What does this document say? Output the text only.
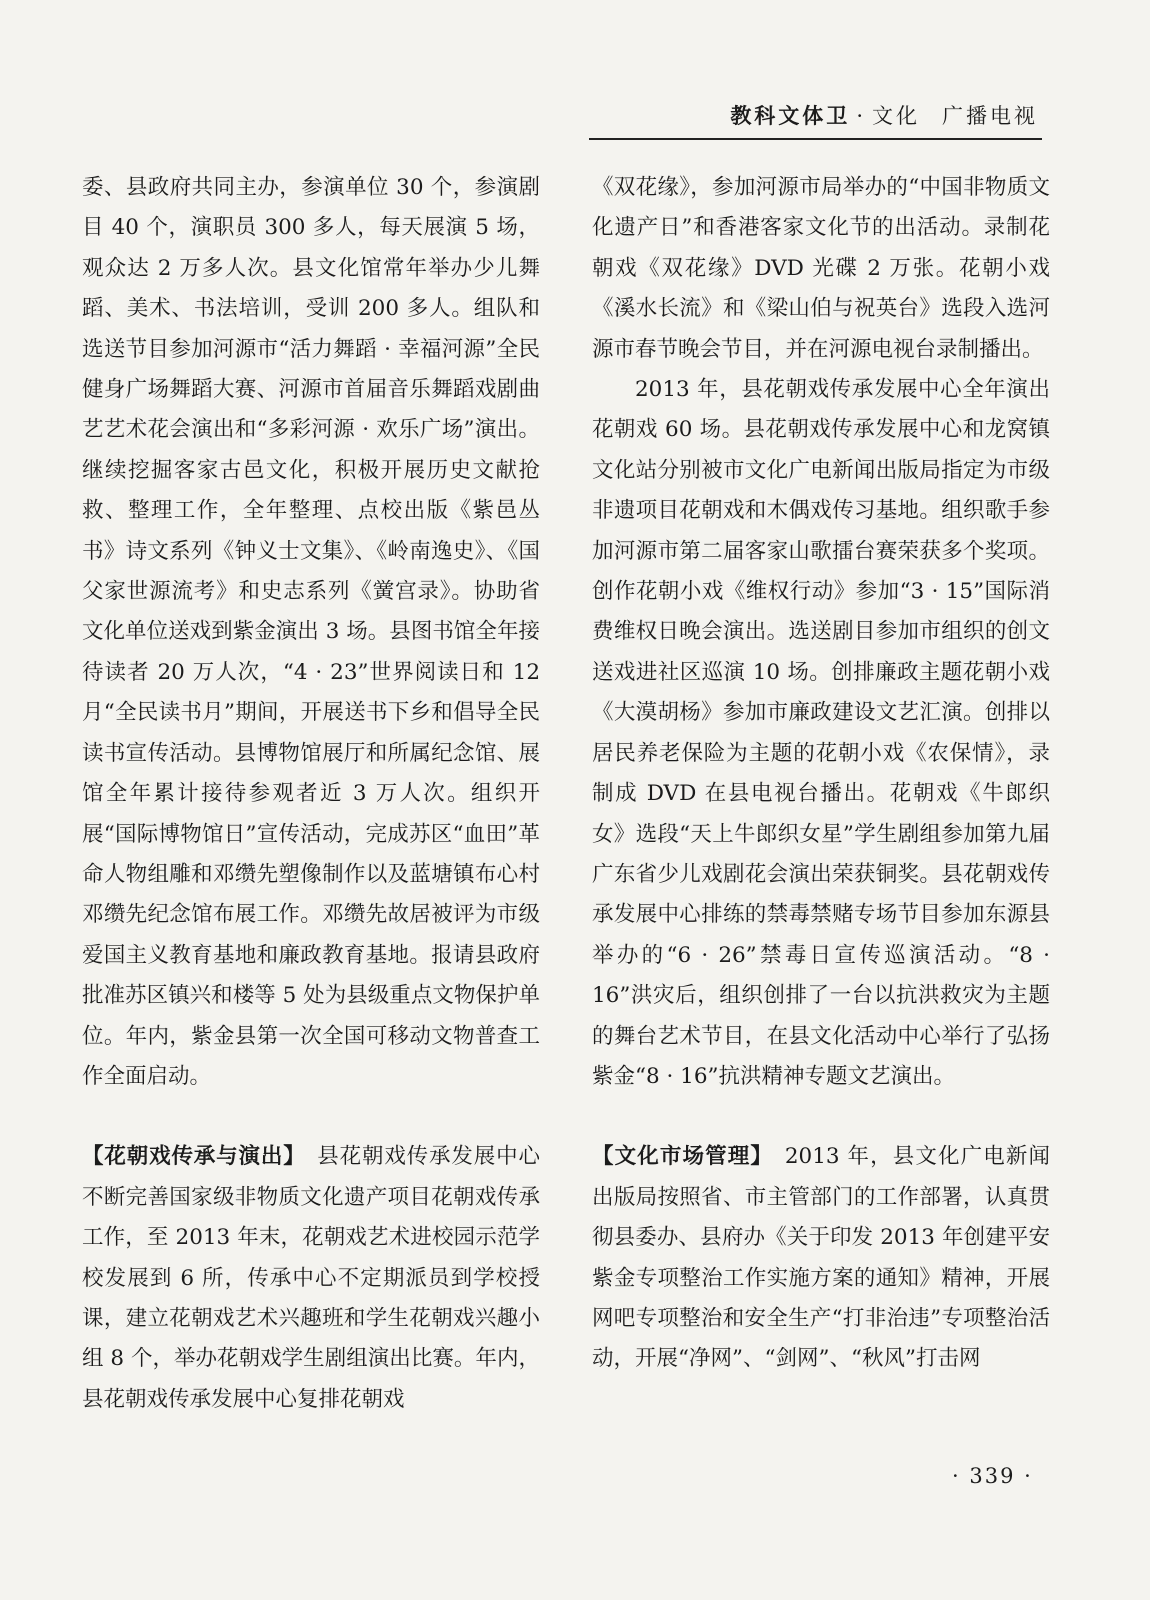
教科文体卫 · 文化 广播电视

委、县政府共同主办，参演单位 30 个，参演剧目 40 个，演职员 300 多人，每天展演 5 场，观众达 2 万多人次。县文化馆常年举办少儿舞蹈、美术、书法培训，受训 200 多人。组队和选送节目参加河源市“活力舞蹈 · 幸福河源”全民健身广场舞蹈大赛、河源市首届音乐舞蹈戏剧曲艺艺术花会演出和“多彩河源 · 欢乐广场”演出。继续挖掘客家古邑文化，积极开展历史文献抢救、整理工作，全年整理、点校出版《紫邑丛书》诗文系列《钟义士文集》、《岭南逸史》、《国父家世源流考》和史志系列《黉宫录》。协助省文化单位送戏到紫金演出 3 场。县图书馆全年接待读者 20 万人次，“4 · 23”世界阅读日和 12 月“全民读书月”期间，开展送书下乡和倡导全民读书宣传活动。县博物馆展厅和所属纪念馆、展馆全年累计接待参观者近 3 万人次。组织开展“国际博物馆日”宣传活动，完成苏区“血田”革命人物组雕和邓缵先塑像制作以及蓝塘镇布心村邓缵先纪念馆布展工作。邓缵先故居被评为市级爱国主义教育基地和廉政教育基地。报请县政府批准苏区镇兴和楼等 5 处为县级重点文物保护单位。年内，紫金县第一次全国可移动文物普查工作全面启动。

【花朝戏传承与演出】　 县花朝戏传承发展中心不断完善国家级非物质文化遗产项目花朝戏传承工作，至 2013 年末，花朝戏艺术进校园示范学校发展到 6 所，传承中心不定期派员到学校授课，建立花朝戏艺术兴趣班和学生花朝戏兴趣小组 8 个，举办花朝戏学生剧组演出比赛。年内，县花朝戏传承发展中心复排花朝戏

《双花缘》，参加河源市局举办的“中国非物质文化遗产日”和香港客家文化节的出活动。录制花朝戏《双花缘》DVD 光碟 2 万张。花朝小戏《溪水长流》和《梁山伯与祝英台》选段入选河源市春节晚会节目，并在河源电视台录制播出。

2013 年，县花朝戏传承发展中心全年演出花朝戏 60 场。县花朝戏传承发展中心和龙窝镇文化站分别被市文化广电新闻出版局指定为市级非遗项目花朝戏和木偶戏传习基地。组织歌手参加河源市第二届客家山歌擂台赛荣获多个奖项。创作花朝小戏《维权行动》参加“3 · 15”国际消费维权日晚会演出。选送剧目参加市组织的创文送戏进社区巡演 10 场。创排廉政主题花朝小戏《大漠胡杨》参加市廉政建设文艺汇演。创排以居民养老保险为主题的花朝小戏《农保情》，录制成 DVD 在县电视台播出。花朝戏《牛郎织女》选段“天上牛郎织女星”学生剧组参加第九届广东省少儿戏剧花会演出荣获铜奖。县花朝戏传承发展中心排练的禁毒禁赌专场节目参加东源县举办的“6 · 26”禁毒日宣传巡演活动。“8 · 16”洪灾后，组织创排了一台以抗洪救灾为主题的舞台艺术节目，在县文化活动中心举行了弘扬紫金“8 · 16”抗洪精神专题文艺演出。

【文化市场管理】　 2013 年，县文化广电新闻出版局按照省、市主管部门的工作部署，认真贯彻县委办、县府办《关于印发 2013 年创建平安紫金专项整治工作实施方案的通知》精神，开展网吧专项整治和安全生产“打非治违”专项整治活动，开展“净网”、“剑网”、“秋风”打击网

· 339 ·
